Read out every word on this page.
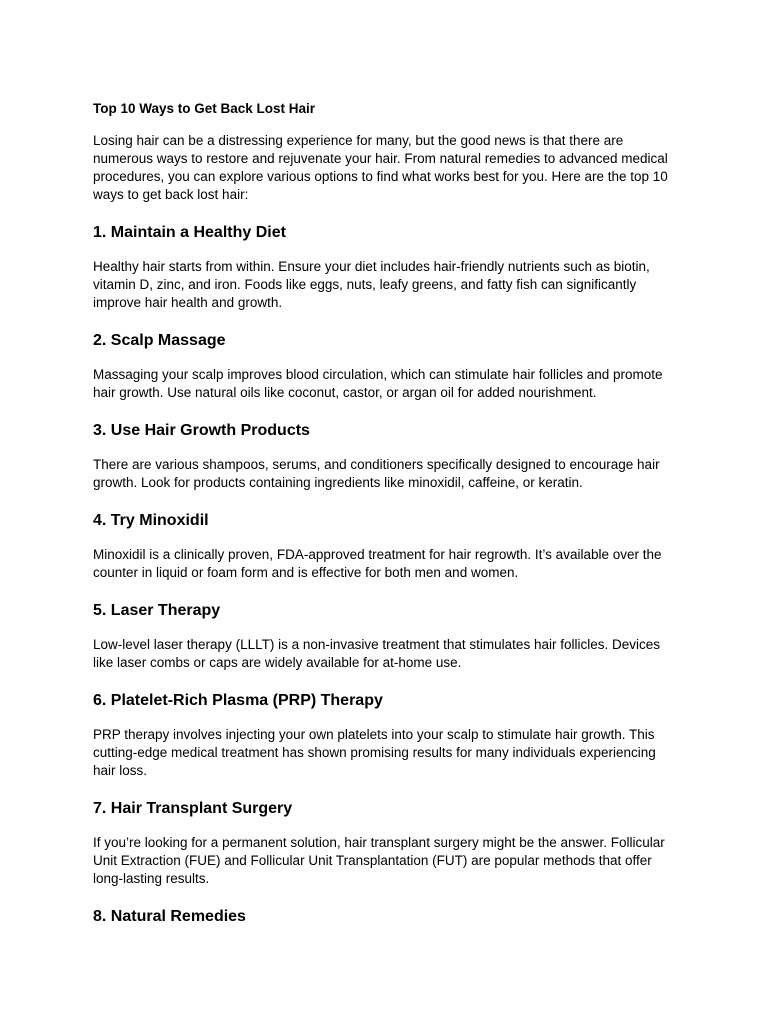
Top 10 Ways to Get Back Lost Hair

Losing hair can be a distressing experience for many, but the good news is that there are numerous ways to restore and rejuvenate your hair. From natural remedies to advanced medical procedures, you can explore various options to find what works best for you. Here are the top 10 ways to get back lost hair:

1. Maintain a Healthy Diet

Healthy hair starts from within. Ensure your diet includes hair-friendly nutrients such as biotin, vitamin D, zinc, and iron. Foods like eggs, nuts, leafy greens, and fatty fish can significantly improve hair health and growth.

2. Scalp Massage

Massaging your scalp improves blood circulation, which can stimulate hair follicles and promote hair growth. Use natural oils like coconut, castor, or argan oil for added nourishment.

3. Use Hair Growth Products

There are various shampoos, serums, and conditioners specifically designed to encourage hair growth. Look for products containing ingredients like minoxidil, caffeine, or keratin.

4. Try Minoxidil

Minoxidil is a clinically proven, FDA-approved treatment for hair regrowth. It’s available over the counter in liquid or foam form and is effective for both men and women.

5. Laser Therapy

Low-level laser therapy (LLLT) is a non-invasive treatment that stimulates hair follicles. Devices like laser combs or caps are widely available for at-home use.

6. Platelet-Rich Plasma (PRP) Therapy

PRP therapy involves injecting your own platelets into your scalp to stimulate hair growth. This cutting-edge medical treatment has shown promising results for many individuals experiencing hair loss.

7. Hair Transplant Surgery

If you’re looking for a permanent solution, hair transplant surgery might be the answer. Follicular Unit Extraction (FUE) and Follicular Unit Transplantation (FUT) are popular methods that offer long-lasting results.

8. Natural Remedies
